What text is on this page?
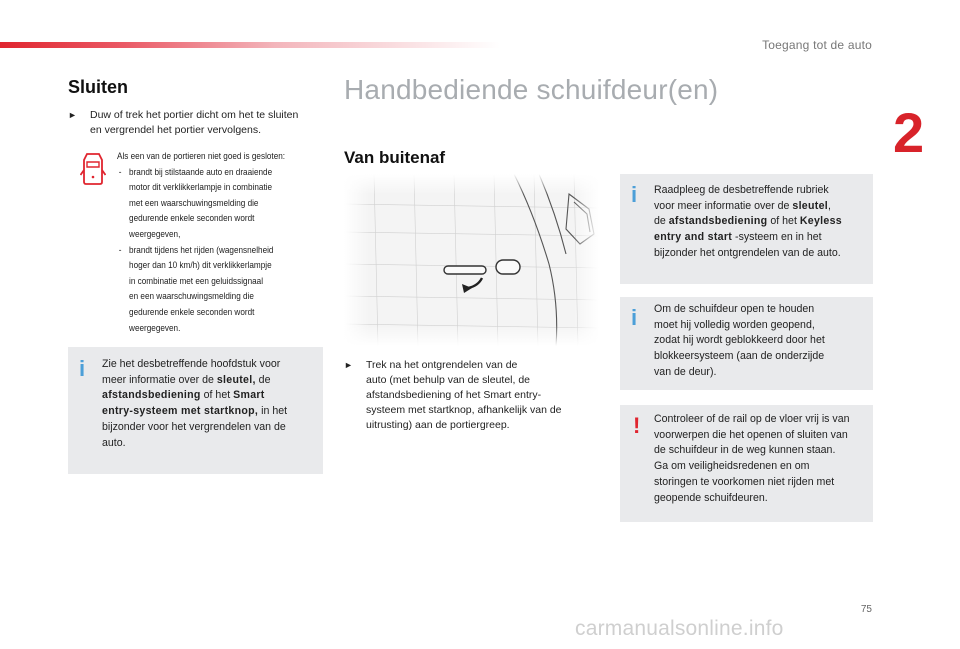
Toegang tot de auto
2
Sluiten
►	Duw of trek het portier dicht om het te sluiten
en vergrendel het portier vervolgens.
Als een van de portieren niet goed is gesloten:
- brandt bij stilstaande auto en draaiende
motor dit verklikkerlampje in combinatie
met een waarschuwingsmelding die
gedurende enkele seconden wordt
weergegeven,
- brandt tijdens het rijden (wagensnelheid
hoger dan 10 km/h) dit verklikkerlampje
in combinatie met een geluidssignaal
en een waarschuwingsmelding die
gedurende enkele seconden wordt
weergegeven.
i Zie het desbetreffende hoofdstuk voor
meer informatie over de sleutel, de
afstandsbediening of het Smart
entry-systeem met startknop, in het
bijzonder voor het vergrendelen van de
auto.
Handbediende schuifdeur(en)
Van buitenaf
►	Trek na het ontgrendelen van de
auto (met behulp van de sleutel, de
afstandsbediening of het Smart entry-
systeem met startknop, afhankelijk van de
uitrusting) aan de portiergreep.
i Raadpleeg de desbetreffende rubriek
voor meer informatie over de sleutel,
de afstandsbediening of het Keyless
entry and start -systeem en in het
bijzonder het ontgrendelen van de auto.
i Om de schuifdeur open te houden
moet hij volledig worden geopend,
zodat hij wordt geblokkeerd door het
blokkeersysteem (aan de onderzijde
van de deur).
! Controleer of de rail op de vloer vrij is van
voorwerpen die het openen of sluiten van
de schuifdeur in de weg kunnen staan.
Ga om veiligheidsredenen en om
storingen te voorkomen niet rijden met
geopende schuifdeuren.
75
carmanualsonline.info
